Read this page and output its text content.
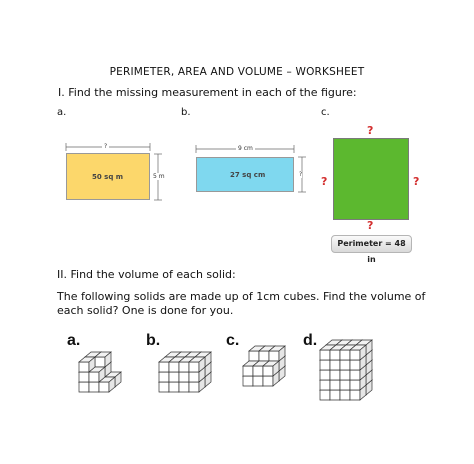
PERIMETER, AREA AND VOLUME – WORKSHEET
I. Find the missing measurement in each of the figure:
a.	b.	c.
?
50 sq m	5 m
9 cm
27 sq cm	?
?
?	?
?
Perimeter = 48 in
II. Find the volume of each solid:
The following solids are made up of 1cm cubes. Find the volume of each solid? One is done for you.
a.	b.	c.	d.
